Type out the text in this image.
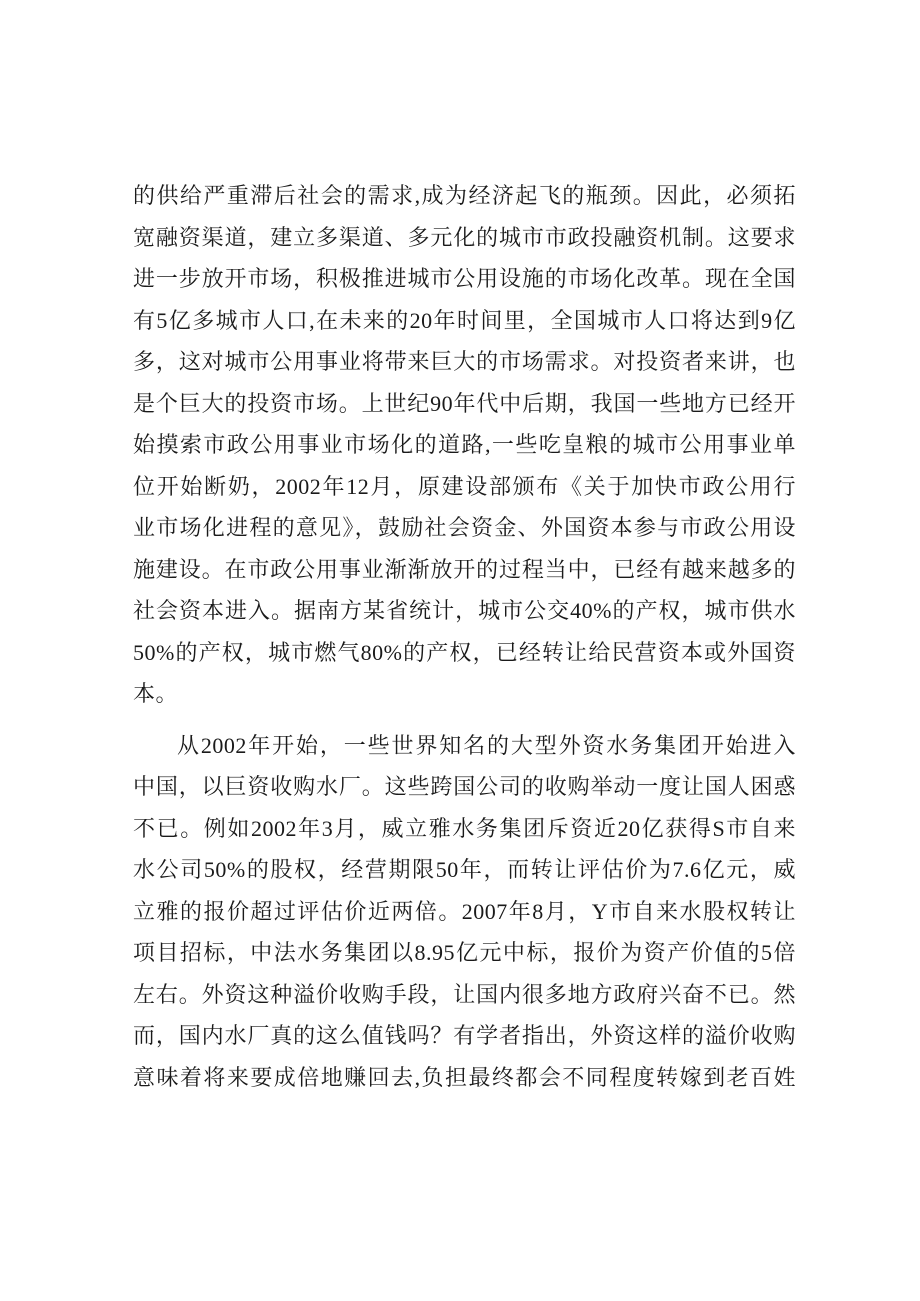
的供给严重滞后社会的需求,成为经济起飞的瓶颈。因此，必须拓
宽融资渠道，建立多渠道、多元化的城市市政投融资机制。这要求
进一步放开市场，积极推进城市公用设施的市场化改革。现在全国
有5亿多城市人口,在未来的20年时间里，全国城市人口将达到9亿
多，这对城市公用事业将带来巨大的市场需求。对投资者来讲，也
是个巨大的投资市场。上世纪90年代中后期，我国一些地方已经开
始摸索市政公用事业市场化的道路,一些吃皇粮的城市公用事业单
位开始断奶，2002年12月，原建设部颁布《关于加快市政公用行
业市场化进程的意见》，鼓励社会资金、外国资本参与市政公用设
施建设。在市政公用事业渐渐放开的过程当中，已经有越来越多的
社会资本进入。据南方某省统计，城市公交40%的产权，城市供水
50%的产权，城市燃气80%的产权，已经转让给民营资本或外国资
本。
从2002年开始，一些世界知名的大型外资水务集团开始进入
中国，以巨资收购水厂。这些跨国公司的收购举动一度让国人困惑
不已。例如2002年3月，威立雅水务集团斥资近20亿获得S市自来
水公司50%的股权，经营期限50年，而转让评估价为7.6亿元，威
立雅的报价超过评估价近两倍。2007年8月，Y市自来水股权转让
项目招标，中法水务集团以8.95亿元中标，报价为资产价值的5倍
左右。外资这种溢价收购手段，让国内很多地方政府兴奋不已。然
而，国内水厂真的这么值钱吗？有学者指出，外资这样的溢价收购
意味着将来要成倍地赚回去,负担最终都会不同程度转嫁到老百姓
